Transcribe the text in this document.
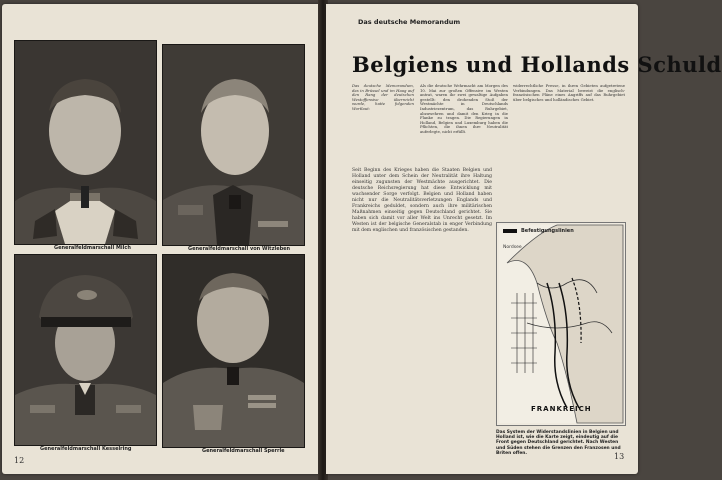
Generalfeldmarschall Milch	Generalfeldmarschall von Witzleben
Generalfeldmarschall Kesselring	Generalfeldmarschall Sperrle
12
Das deutsche Memorandum
Belgiens und Hollands Schuld

Das deutsche Memorandum, das in Brüssel und im Haag auf den Rang der deutschen Westoffensive überreicht wurde, hatte folgenden Wortlaut:

Als die deutsche Wehrmacht am Morgen des 10. Mai zur großen Offensive im Westen antrat, waren ihr zwei gewaltige Aufgaben gestellt: den drohenden Stoß der Westmächte in Deutschlands Industriezentrum, das Ruhrgebiet, abzuwehren und damit den Krieg in die Flanke zu tragen. Die Regierungen in Holland, Belgien und Luxemburg haben die Pflichten, die ihnen ihre Neutralität auferlegte, nicht erfüllt.

widerrechtliche Presse, in ihren Gebieten aufgetretene Verbindungen. Das Material beweist die englisch-französischen Pläne eines Angriffs auf das Ruhrgebiet über belgisches und holländisches Gebiet.

Seit Beginn des Krieges haben die Staaten Belgien und Holland unter dem Schein der Neutralität ihre Haltung einseitig zugunsten der Westmächte ausgerichtet. Die deutsche Reichsregierung hat diese Entwicklung mit wachsender Sorge verfolgt. Belgien und Holland haben nicht nur die Neutralitätsverletzungen Englands und Frankreichs geduldet, sondern auch ihre militärischen Maßnahmen einseitig gegen Deutschland gerichtet. Sie haben sich damit vor aller Welt ins Unrecht gesetzt. Im Westen ist der belgische Generalstab in enger Verbindung mit dem englischen und französischen gestanden.	Befestigungslinien
Nordsee
FRANKREICH
Das System der Widerstandslinien in Belgien und Holland ist, wie die Karte zeigt, eindeutig auf die Front gegen Deutschland gerichtet. Nach Westen und Süden stehen die Grenzen den Franzosen und Briten offen.	13
